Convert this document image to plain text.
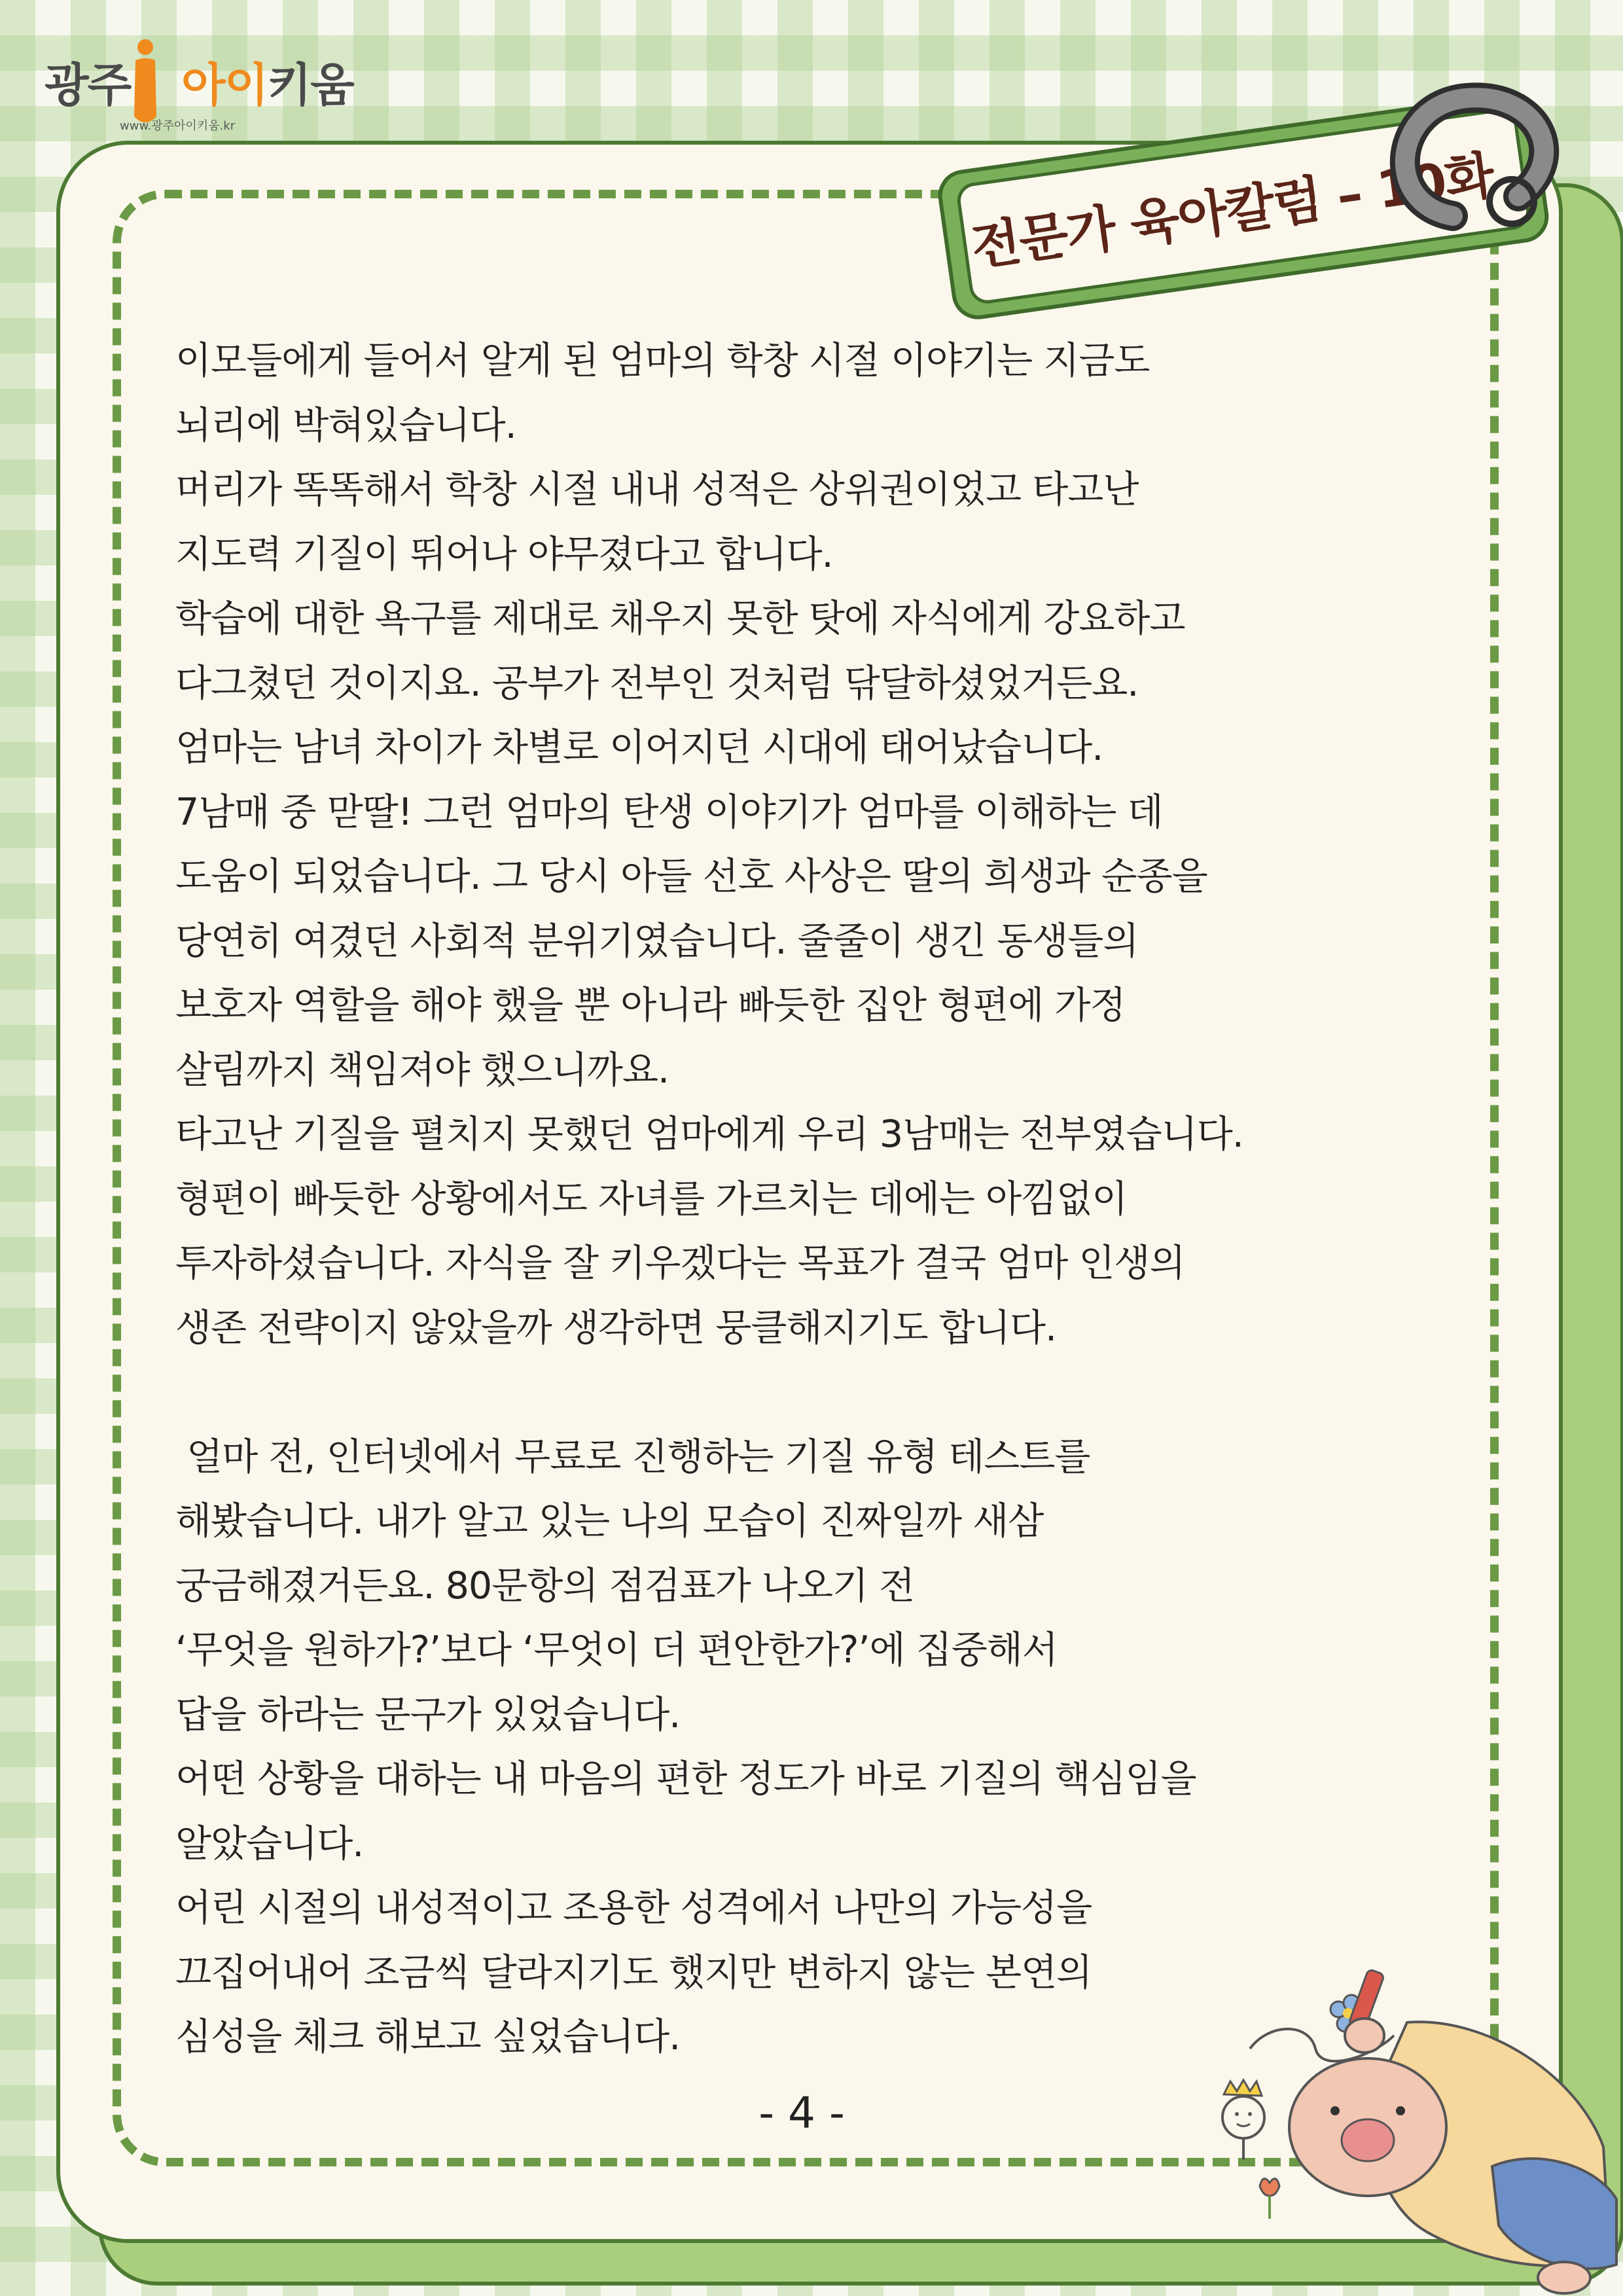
광주 아이키움
www.광주아이키움.kr
전문가 육아칼럼 – 10화

이모들에게 들어서 알게 된 엄마의 학창 시절 이야기는 지금도

뇌리에 박혀있습니다.

머리가 똑똑해서 학창 시절 내내 성적은 상위권이었고 타고난

지도력 기질이 뛰어나 야무졌다고 합니다.

학습에 대한 욕구를 제대로 채우지 못한 탓에 자식에게 강요하고

다그쳤던 것이지요. 공부가 전부인 것처럼 닦달하셨었거든요.

엄마는 남녀 차이가 차별로 이어지던 시대에 태어났습니다.

7남매 중 맏딸! 그런 엄마의 탄생 이야기가 엄마를 이해하는 데

도움이 되었습니다. 그 당시 아들 선호 사상은 딸의 희생과 순종을

당연히 여겼던 사회적 분위기였습니다. 줄줄이 생긴 동생들의

보호자 역할을 해야 했을 뿐 아니라 빠듯한 집안 형편에 가정

살림까지 책임져야 했으니까요.

타고난 기질을 펼치지 못했던 엄마에게 우리 3남매는 전부였습니다.

형편이 빠듯한 상황에서도 자녀를 가르치는 데에는 아낌없이

투자하셨습니다. 자식을 잘 키우겠다는 목표가 결국 엄마 인생의

생존 전략이지 않았을까 생각하면 뭉클해지기도 합니다.

얼마 전, 인터넷에서 무료로 진행하는 기질 유형 테스트를

해봤습니다. 내가 알고 있는 나의 모습이 진짜일까 새삼

궁금해졌거든요. 80문항의 점검표가 나오기 전

‘무엇을 원하가?’보다 ‘무엇이 더 편안한가?’에 집중해서

답을 하라는 문구가 있었습니다.

어떤 상황을 대하는 내 마음의 편한 정도가 바로 기질의 핵심임을

알았습니다.

어린 시절의 내성적이고 조용한 성격에서 나만의 가능성을

끄집어내어 조금씩 달라지기도 했지만 변하지 않는 본연의

심성을 체크 해보고 싶었습니다.

- 4 -
